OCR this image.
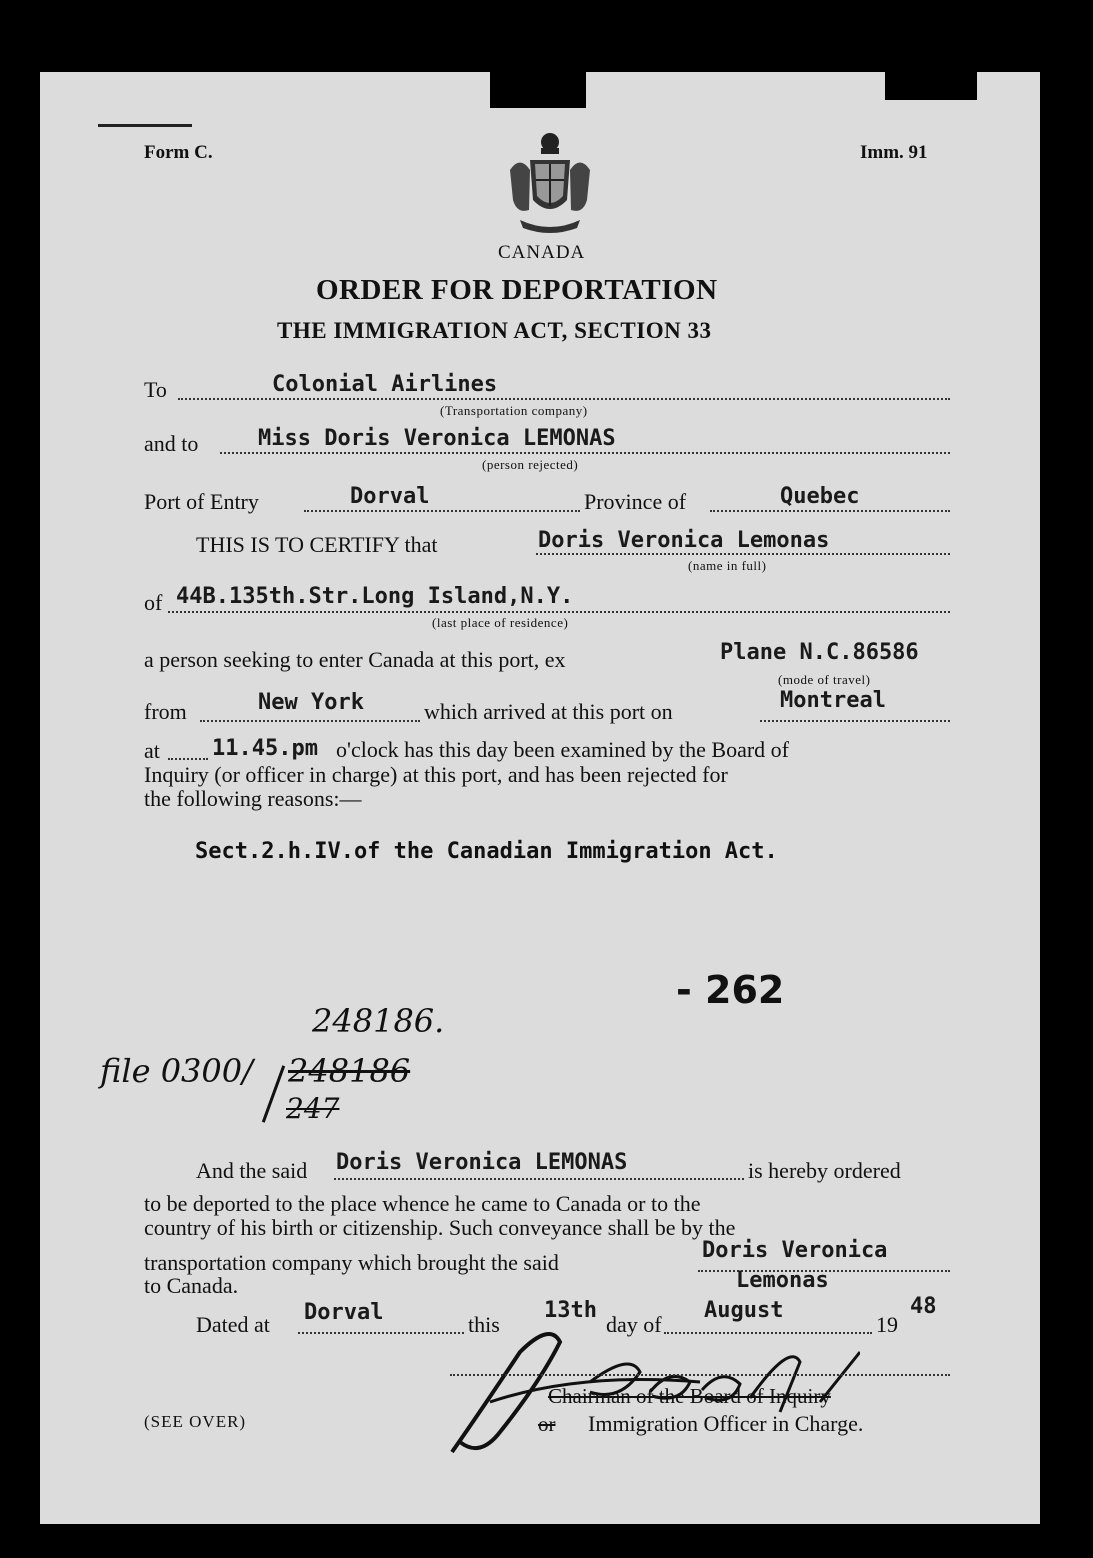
Form C.	Imm. 91
CANADA
ORDER FOR DEPORTATION
THE IMMIGRATION ACT, SECTION 33
To	Colonial Airlines
(Transportation company)
and to	Miss Doris Veronica LEMONAS
(person rejected)
Port of Entry	Dorval	Province of	Quebec
THIS IS TO CERTIFY that	Doris Veronica Lemonas
(name in full)
of 44B.135th.Str.Long Island,N.Y.
(last place of residence)
a person seeking to enter Canada at this port, ex	Plane N.C.86586
(mode of travel)
from	New York	which arrived at this port on	Montreal
at 11.45.pm o'clock has this day been examined by the Board of
Inquiry (or officer in charge) at this port, and has been rejected for
the following reasons:—
Sect.2.h.IV.of the Canadian Immigration Act.
- 262
248186.
file 0300/ 248186
247
And the said Doris Veronica LEMONAS	is hereby ordered
to be deported to the place whence he came to Canada or to the
country of his birth or citizenship. Such conveyance shall be by the
transportation company which brought the said	Doris Veronica
Lemonas
to Canada.
Dated at Dorval	this
13th
day of
August
19
48
Chairman of the Board of Inquiry
or Immigration Officer in Charge.
(SEE OVER)
